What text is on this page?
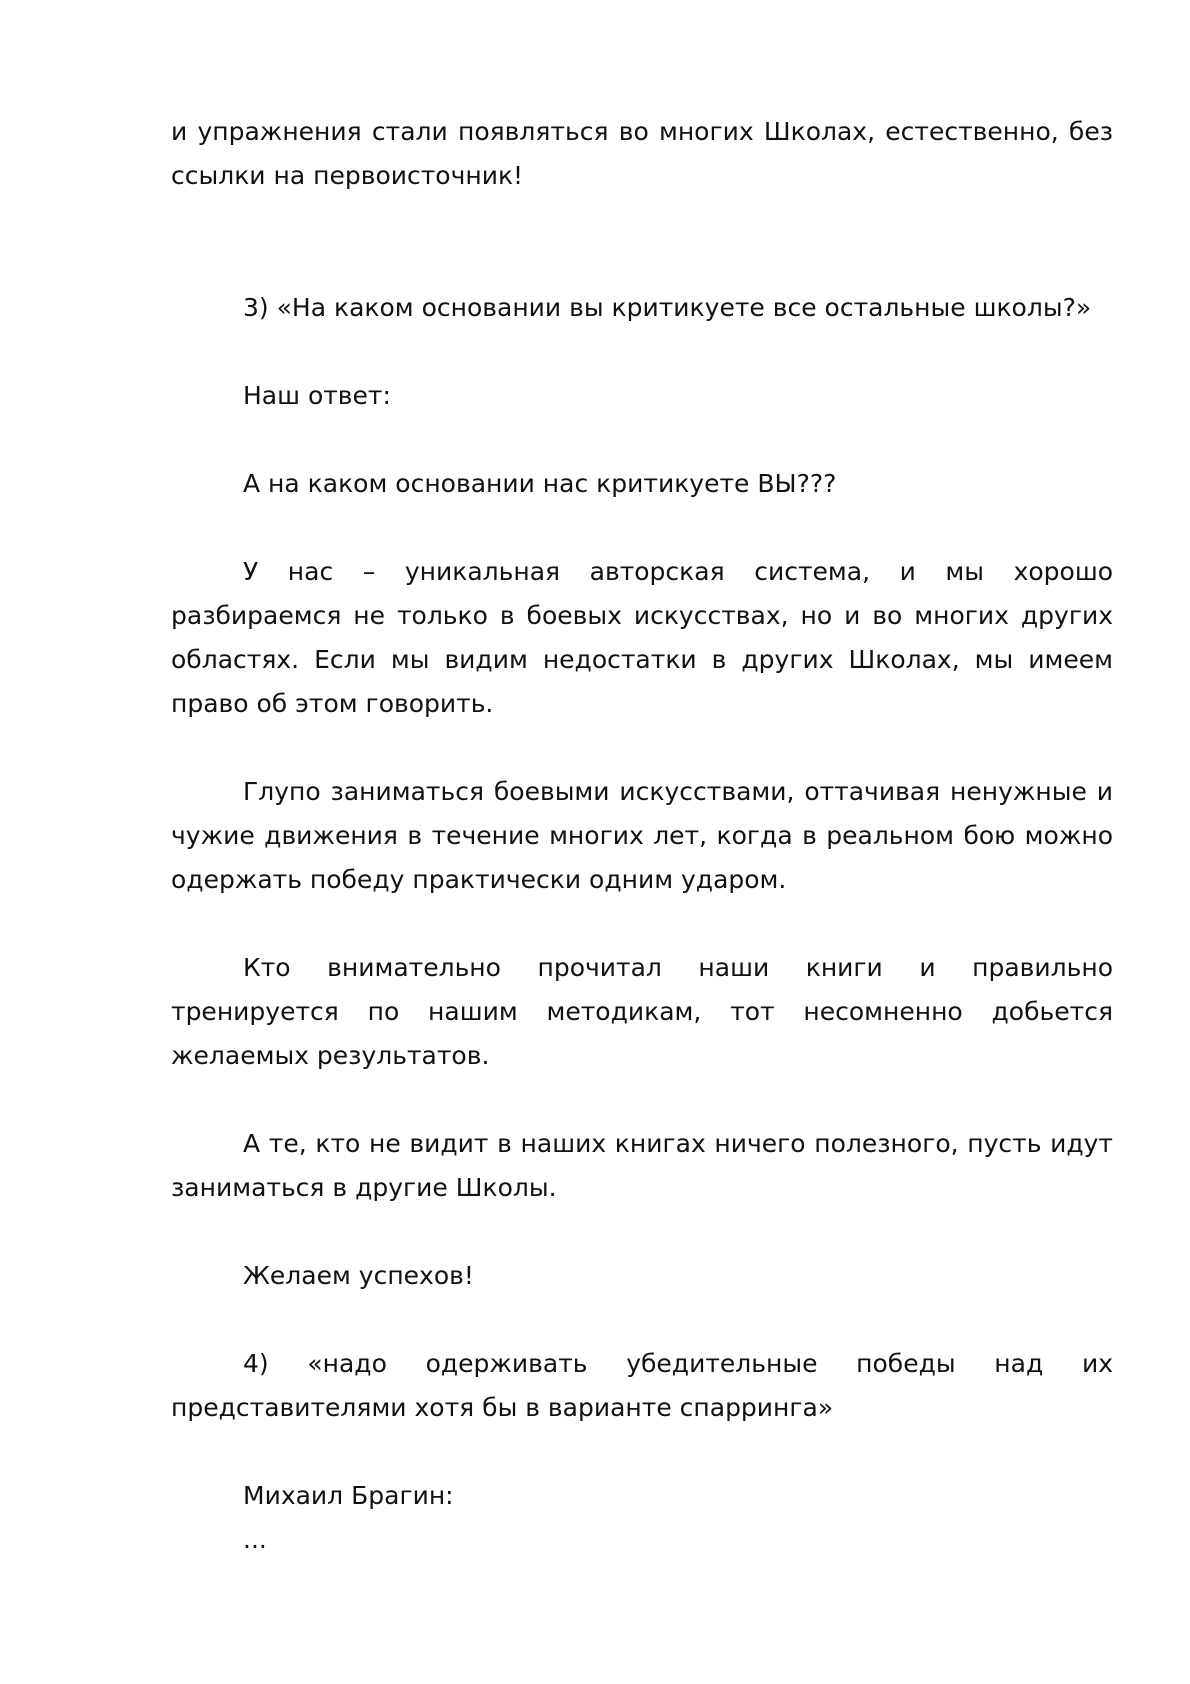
и упражнения стали появляться во многих Школах, естественно, без ссылки на первоисточник!

3) «На каком основании вы критикуете все остальные школы?»

Наш ответ:

А на каком основании нас критикуете ВЫ???

У нас – уникальная авторская система, и мы хорошо разбираемся не только в боевых искусствах, но и во многих других областях. Если мы видим недостатки в других Школах, мы имеем право об этом говорить.

Глупо заниматься боевыми искусствами, оттачивая ненужные и чужие движения в течение многих лет, когда в реальном бою можно одержать победу практически одним ударом.

Кто внимательно прочитал наши книги и правильно тренируется по нашим методикам, тот несомненно добьется желаемых результатов.

А те, кто не видит в наших книгах ничего полезного, пусть идут заниматься в другие Школы.

Желаем успехов!

4) «надо одерживать убедительные победы над их представителями хотя бы в варианте спарринга»

Михаил Брагин:

...
